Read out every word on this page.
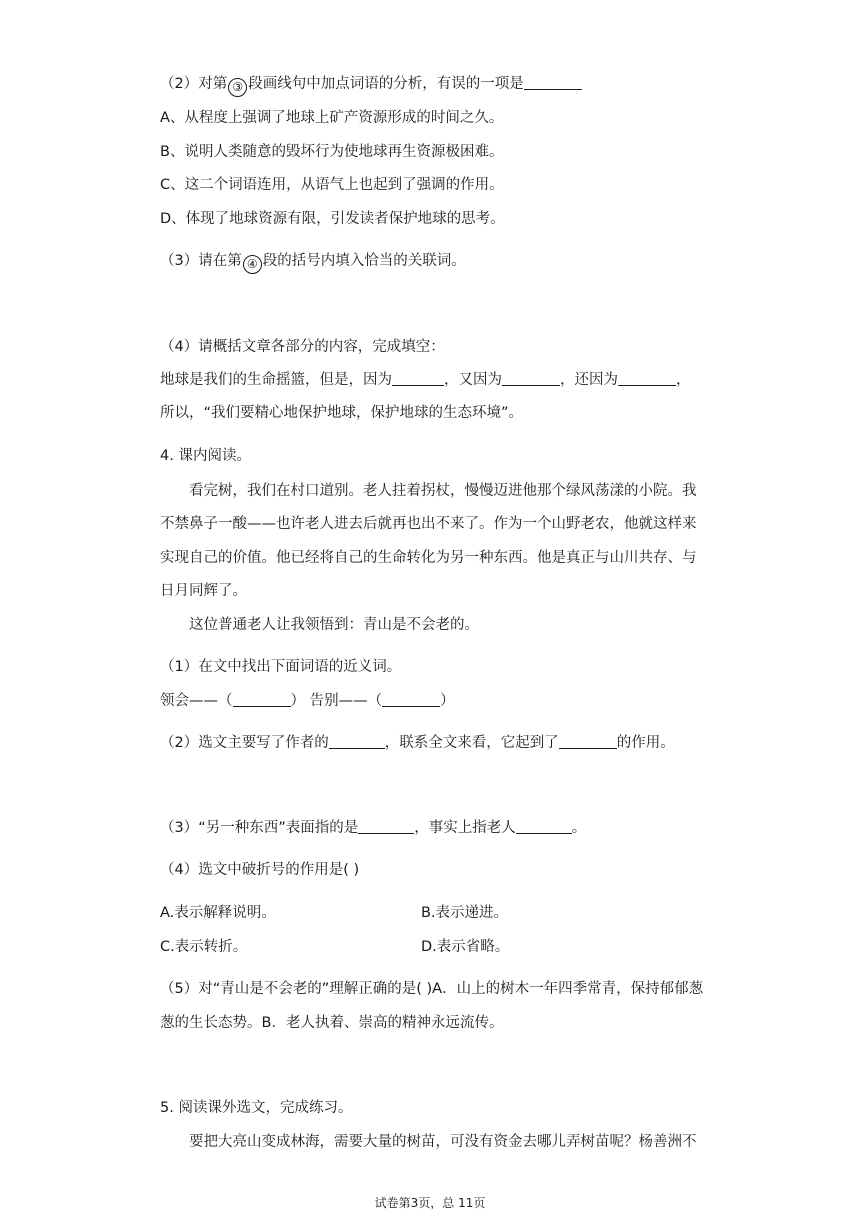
（2）对第 ③ 段画线句中加点词语的分析，有误的一项是
A、从程度上强调了地球上矿产资源形成的时间之久。
B、说明人类随意的毁坏行为使地球再生资源极困难。
C、这二个词语连用，从语气上也起到了强调的作用。
D、体现了地球资源有限，引发读者保护地球的思考。
（3）请在第 ④ 段的括号内填入恰当的关联词。
（4）请概括文章各部分的内容，完成填空：
地球是我们的生命摇篮，但是，因为	，又因为	，还因为	，
所以，“我们要精心地保护地球，保护地球的生态环境”。
4. 课内阅读。
看完树，我们在村口道别。老人拄着拐杖，慢慢迈进他那个绿风荡漾的小院。我
不禁鼻子一酸——也许老人进去后就再也出不来了。作为一个山野老农，他就这样来
实现自己的价值。他已经将自己的生命转化为另一种东西。他是真正与山川共存、与
日月同辉了。
这位普通老人让我领悟到：青山是不会老的。
（1）在文中找出下面词语的近义词。
领会——（	） 告别——（	）
（2）选文主要写了作者的	，联系全文来看，它起到了	的作用。
（3）“另一种东西”表面指的是	，事实上指老人	。
（4）选文中破折号的作用是( )
A.表示解释说明。	B.表示递进。
C.表示转折。	D.表示省略。
（5）对“青山是不会老的”理解正确的是( )A．山上的树木一年四季常青，保持郁郁葱
葱的生长态势。B．老人执着、崇高的精神永远流传。
5. 阅读课外选文，完成练习。
要把大亮山变成林海，需要大量的树苗，可没有资金去哪儿弄树苗呢？杨善洲不
试卷第3页，总 11页
